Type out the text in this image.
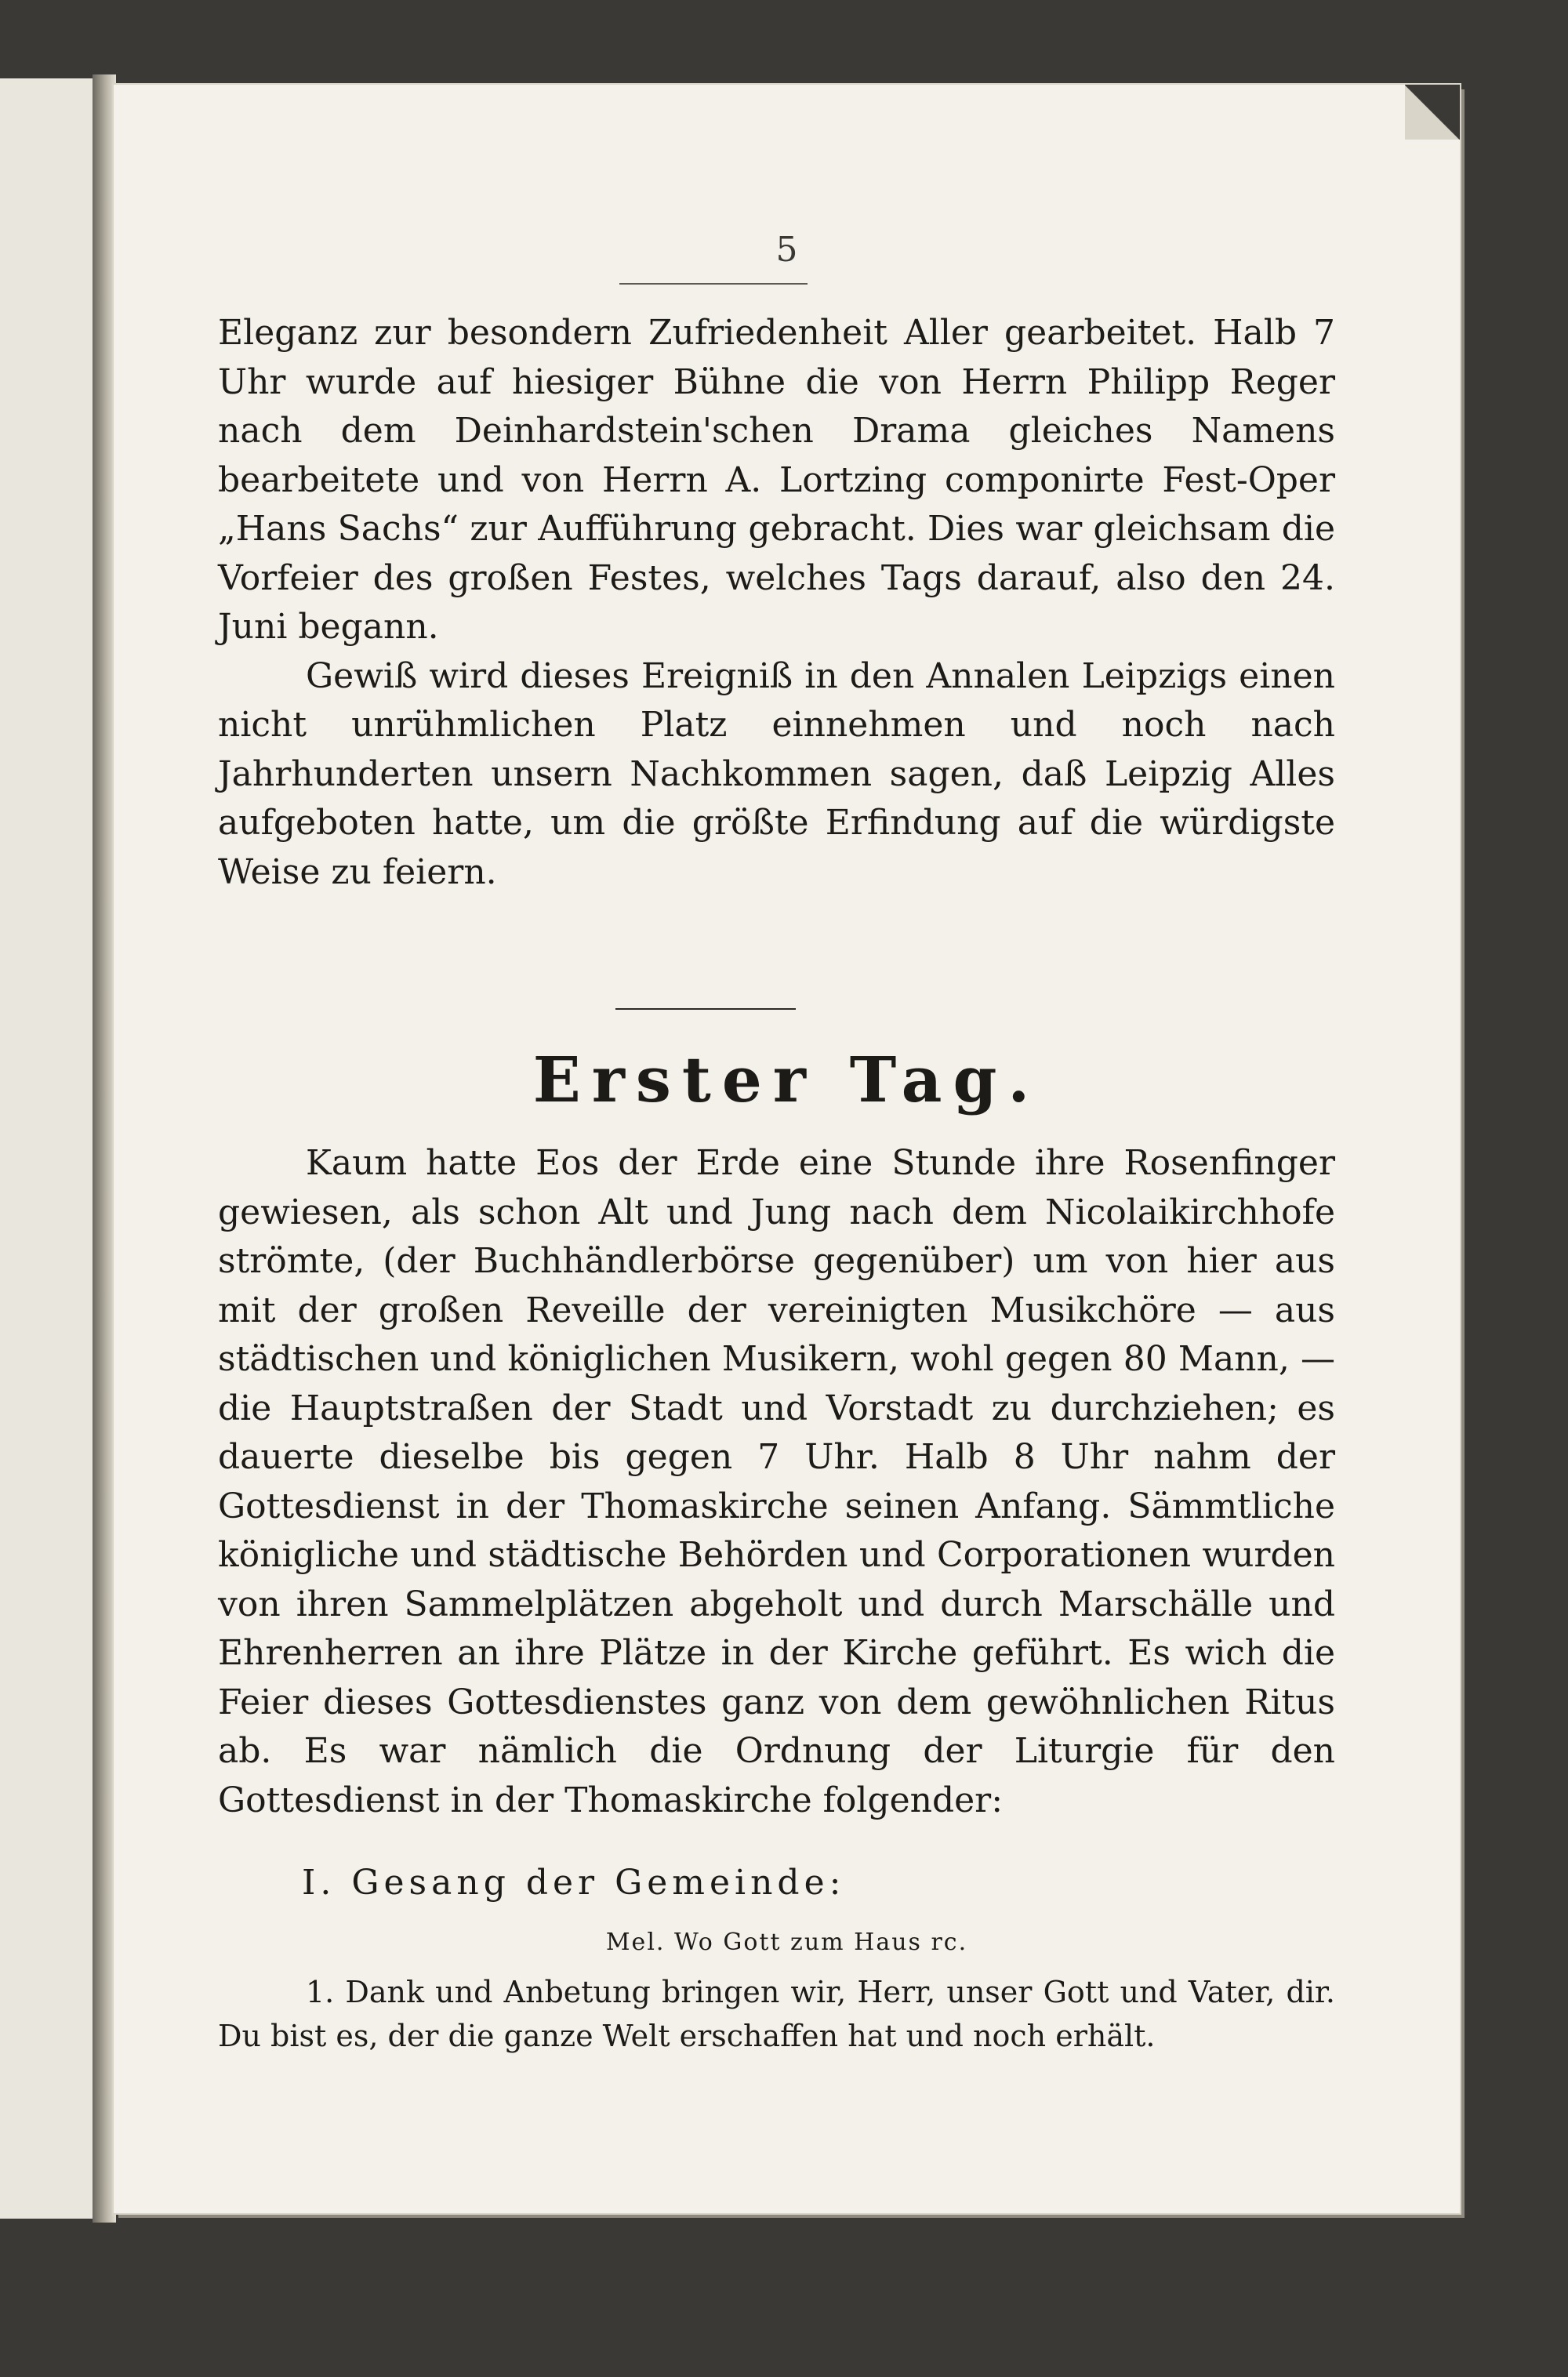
5

Eleganz zur besondern Zufriedenheit Aller gearbeitet. Halb 7 Uhr wurde auf hiesiger Bühne die von Herrn Philipp Reger nach dem Deinhardstein'schen Drama gleiches Namens bearbeitete und von Herrn A. Lortzing componirte Fest-Oper „Hans Sachs“ zur Aufführung gebracht. Dies war gleichsam die Vorfeier des großen Festes, welches Tags darauf, also den 24. Juni begann.

Gewiß wird dieses Ereigniß in den Annalen Leipzigs einen nicht unrühmlichen Platz einnehmen und noch nach Jahrhunderten unsern Nachkommen sagen, daß Leipzig Alles aufgeboten hatte, um die größte Erfindung auf die würdigste Weise zu feiern.

Erster Tag.

Kaum hatte Eos der Erde eine Stunde ihre Rosenfinger gewiesen, als schon Alt und Jung nach dem Nicolaikirchhofe strömte, (der Buchhändlerbörse gegenüber) um von hier aus mit der großen Reveille der vereinigten Musikchöre — aus städtischen und königlichen Musikern, wohl gegen 80 Mann, — die Hauptstraßen der Stadt und Vorstadt zu durchziehen; es dauerte dieselbe bis gegen 7 Uhr. Halb 8 Uhr nahm der Gottesdienst in der Thomaskirche seinen Anfang. Sämmtliche königliche und städtische Behörden und Corporationen wurden von ihren Sammelplätzen abgeholt und durch Marschälle und Ehrenherren an ihre Plätze in der Kirche geführt. Es wich die Feier dieses Gottesdienstes ganz von dem gewöhnlichen Ritus ab. Es war nämlich die Ordnung der Liturgie für den Gottesdienst in der Thomaskirche folgender:

I. Gesang der Gemeinde:
Mel. Wo Gott zum Haus rc.

1. Dank und Anbetung bringen wir, Herr, unser Gott und Vater, dir. Du bist es, der die ganze Welt erschaffen hat und noch erhält.
